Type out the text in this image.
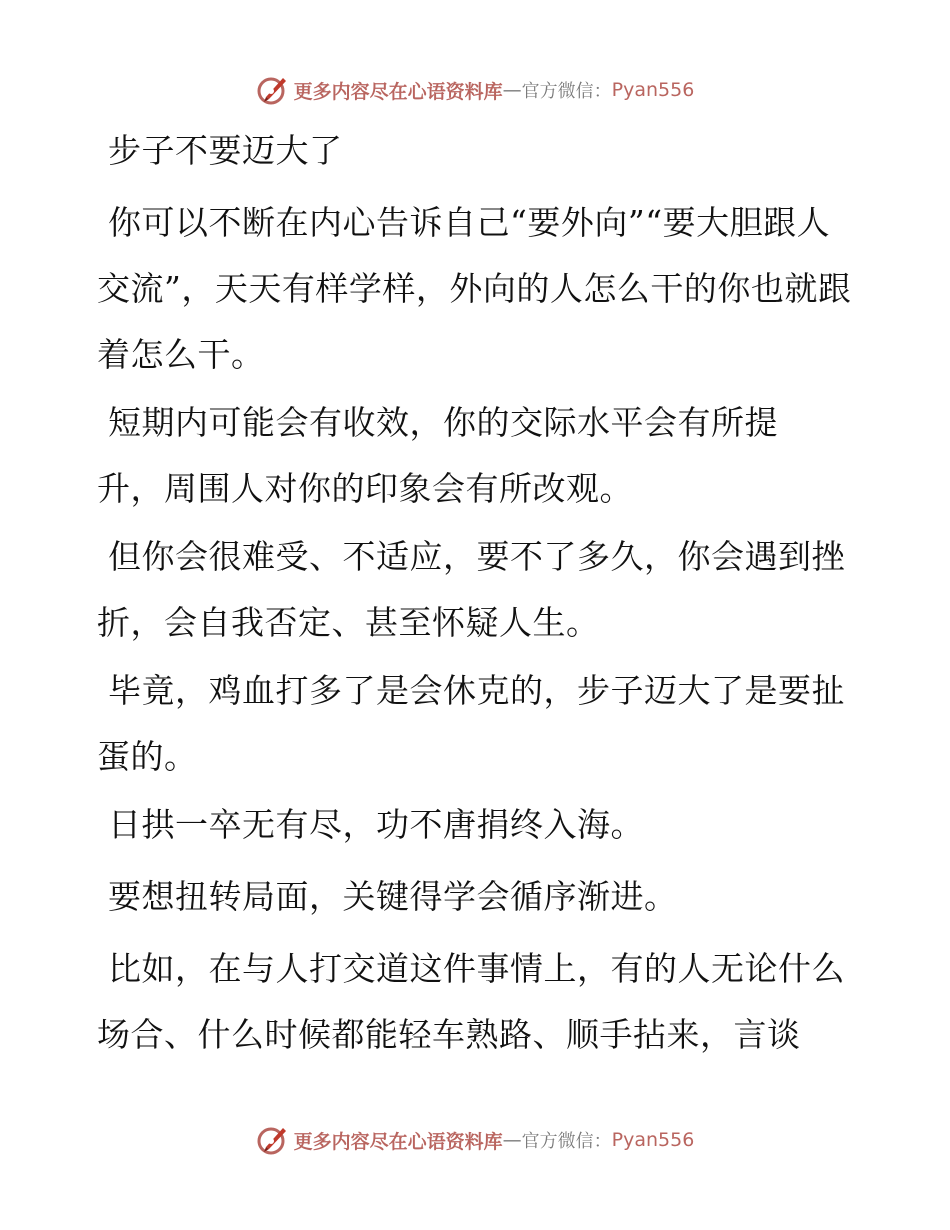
更多内容尽在心语资料库 — 官方微信： Pyan556

步子不要迈大了

你可以不断在内心告诉自己“要外向”“要大胆跟人交流”，天天有样学样，外向的人怎么干的你也就跟着怎么干。

短期内可能会有收效，你的交际水平会有所提
升，周围人对你的印象会有所改观。

但你会很难受、不适应，要不了多久，你会遇到挫折，会自我否定、甚至怀疑人生。

毕竟，鸡血打多了是会休克的，步子迈大了是要扯蛋的。

日拱一卒无有尽，功不唐捐终入海。

要想扭转局面，关键得学会循序渐进。

比如，在与人打交道这件事情上，有的人无论什么场合、什么时候都能轻车熟路、顺手拈来，言谈

更多内容尽在心语资料库 — 官方微信： Pyan556
